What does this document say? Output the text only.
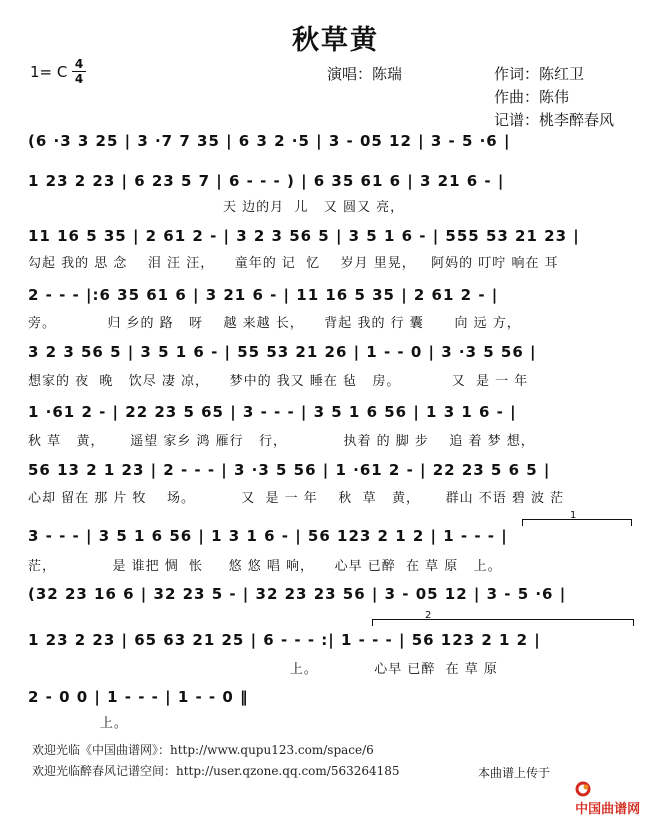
秋草黄
1= C 4
4	演唱：陈瑞	作词：陈红卫
作曲：陈伟
记谱：桃李醉春风
(6 ·3 3 25 | 3 ·7 7 35 | 6 3 2 ·5 | 3 - 05 12 | 3 - 5 ·6 |
1 23 2 23 | 6 23 5 7 | 6 - - - ) | 6 35 61 6 | 3 21 6 - |
天 边的月  儿   又 圆又 亮，
11 16 5 35 | 2 61 2 - | 3 2 3 56 5 | 3 5 1 6 - | 555 53 21 23 |
勾起 我的 思 念    泪 汪 汪，    童年的 记  忆    岁月 里晃，   阿妈的 叮咛 响在 耳
2 - - - |:6 35 61 6 | 3 21 6 - | 11 16 5 35 | 2 61 2 - |
旁。          归 乡的 路   呀    越 来越 长，    背起 我的 行 囊      向 远 方，
3 2 3 56 5 | 3 5 1 6 - | 55 53 21 26 | 1 - - 0 | 3 ·3 5 56 |
想家的 夜  晚   饮尽 凄 凉，    梦中的 我又 睡在 毡   房。          又  是 一 年
1 ·61 2 - | 22 23 5 65 | 3 - - - | 3 5 1 6 56 | 1 3 1 6 - |
秋 草   黄，     遥望 家乡 鸿 雁行   行，           执着 的 脚 步    追 着 梦 想，
56 13 2 1 23 | 2 - - - | 3 ·3 5 56 | 1 ·61 2 - | 22 23 5 6 5 |
心却 留在 那 片 牧    场。         又  是 一 年    秋  草   黄，     群山 不语 碧 波 茫
1
3 - - - | 3 5 1 6 56 | 1 3 1 6 - | 56 123 2 1 2 | 1 - - - |
茫，           是 谁把 惆  怅     悠 悠 唱 响，    心早 已醉  在 草 原   上。
(32 23 16 6 | 32 23 5 - | 32 23 23 56 | 3 - 05 12 | 3 - 5 ·6 |
2
1 23 2 23 | 65 63 21 25 | 6 - - - :| 1 - - - | 56 123 2 1 2 |
上。           心早 已醉  在 草 原
2 - 0 0 | 1 - - - | 1 - - 0 ‖
上。
欢迎光临《中国曲谱网》：http://www.qupu123.com/space/6
欢迎光临醉春风记谱空间：http://user.qzone.qq.com/563264185	本曲谱上传于

中国曲谱网
